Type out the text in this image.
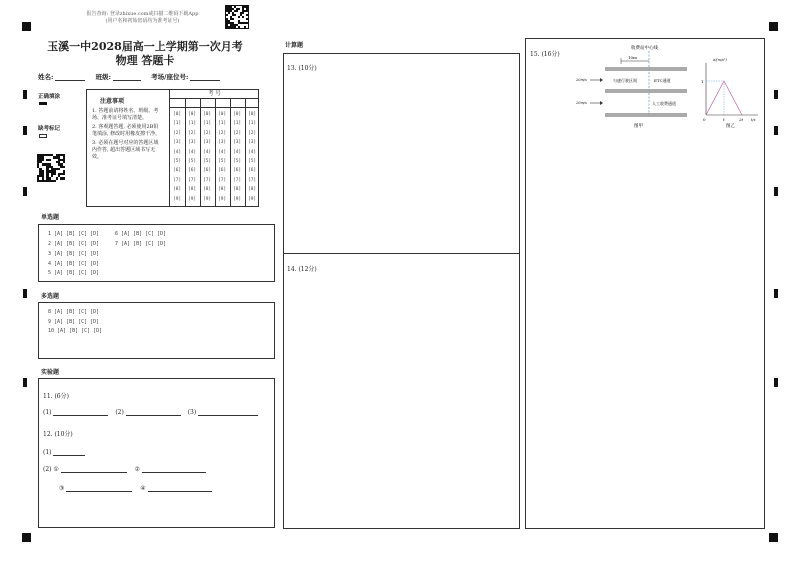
报告查询: 登录zhixue.com或扫描二维码下载App
(用户名和初始密码均为准考证号)
玉溪一中2028届高一上学期第一次月考
物理 答题卡
姓名:	班级:	考场/座位号:
正确填涂
缺考标记
注意事项
1. 答题前请将姓名、班级、考场、准考证号填写清楚。
2. 客观题答题, 必须使用2B铅笔填涂, 修改时用橡皮擦干净。
3. 必须在题号对应的答题区域内作答, 超出答题区域书写无效。
考 号
[0] [0] [0] [0] [0] [0]
[1] [1] [1] [1] [1] [1]
[2] [2] [2] [2] [2] [2]
[3] [3] [3] [3] [3] [3]
[4] [4] [4] [4] [4] [4]
[5] [5] [5] [5] [5] [5]
[6] [6] [6] [6] [6] [6]
[7] [7] [7] [7] [7] [7]
[8] [8] [8] [8] [8] [8]
[9] [9] [9] [9] [9] [9]
单选题
1 [A] [B] [C] [D]
2 [A] [B] [C] [D]
3 [A] [B] [C] [D]
4 [A] [B] [C] [D]
5 [A] [B] [C] [D]
6 [A] [B] [C] [D]
7 [A] [B] [C] [D]
多选题
8 [A] [B] [C] [D]
9 [A] [B] [C] [D]
10 [A] [B] [C] [D]
实验题
11. (6分)
(1)	(2)	(3)
12. (10分)
(1)
(2) ①	②
③	④
计算题
13. (10分)
14. (12分)
15. (16分)
收费站中心线
10m
20m/s
20m/s
匀速行驶区间	ETC通道
人工收费通道
图甲
a/(m/s²)
1
0	t	2t t/s
图乙
